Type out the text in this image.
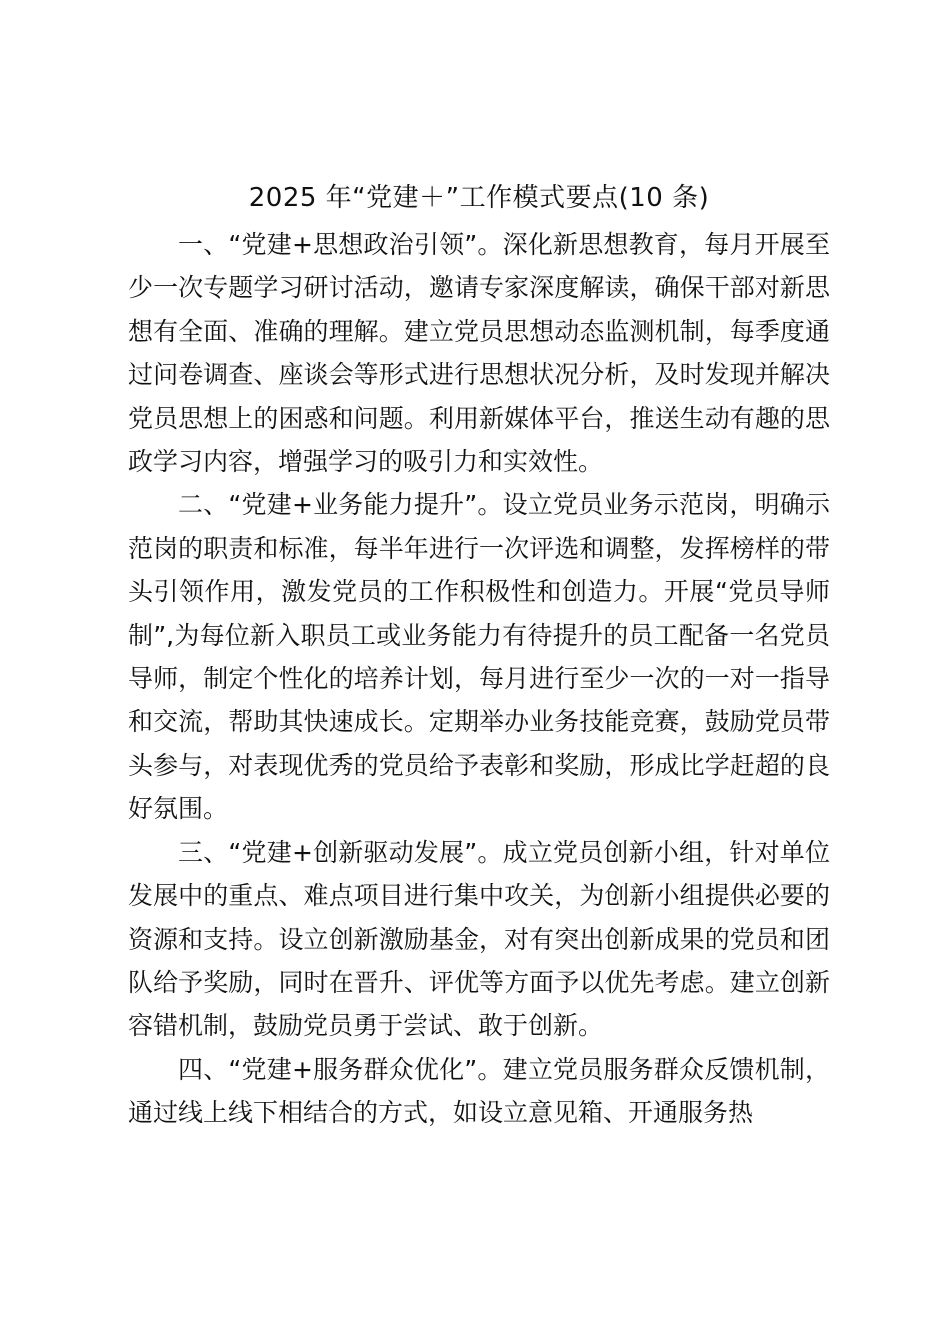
2025 年“党建＋”工作模式要点(10 条)

一、“党建+思想政治引领”。深化新思想教育，每月开展至少一次专题学习研讨活动，邀请专家深度解读，确保干部对新思想有全面、准确的理解。建立党员思想动态监测机制，每季度通过问卷调查、座谈会等形式进行思想状况分析，及时发现并解决党员思想上的困惑和问题。利用新媒体平台，推送生动有趣的思政学习内容，增强学习的吸引力和实效性。

二、“党建+业务能力提升”。设立党员业务示范岗，明确示范岗的职责和标准，每半年进行一次评选和调整，发挥榜样的带头引领作用，激发党员的工作积极性和创造力。开展“党员导师制”,为每位新入职员工或业务能力有待提升的员工配备一名党员导师，制定个性化的培养计划，每月进行至少一次的一对一指导和交流，帮助其快速成长。定期举办业务技能竞赛，鼓励党员带头参与，对表现优秀的党员给予表彰和奖励，形成比学赶超的良好氛围。

三、“党建+创新驱动发展”。成立党员创新小组，针对单位发展中的重点、难点项目进行集中攻关，为创新小组提供必要的资源和支持。设立创新激励基金，对有突出创新成果的党员和团队给予奖励，同时在晋升、评优等方面予以优先考虑。建立创新容错机制，鼓励党员勇于尝试、敢于创新。

四、“党建+服务群众优化”。建立党员服务群众反馈机制，通过线上线下相结合的方式，如设立意见箱、开通服务热
